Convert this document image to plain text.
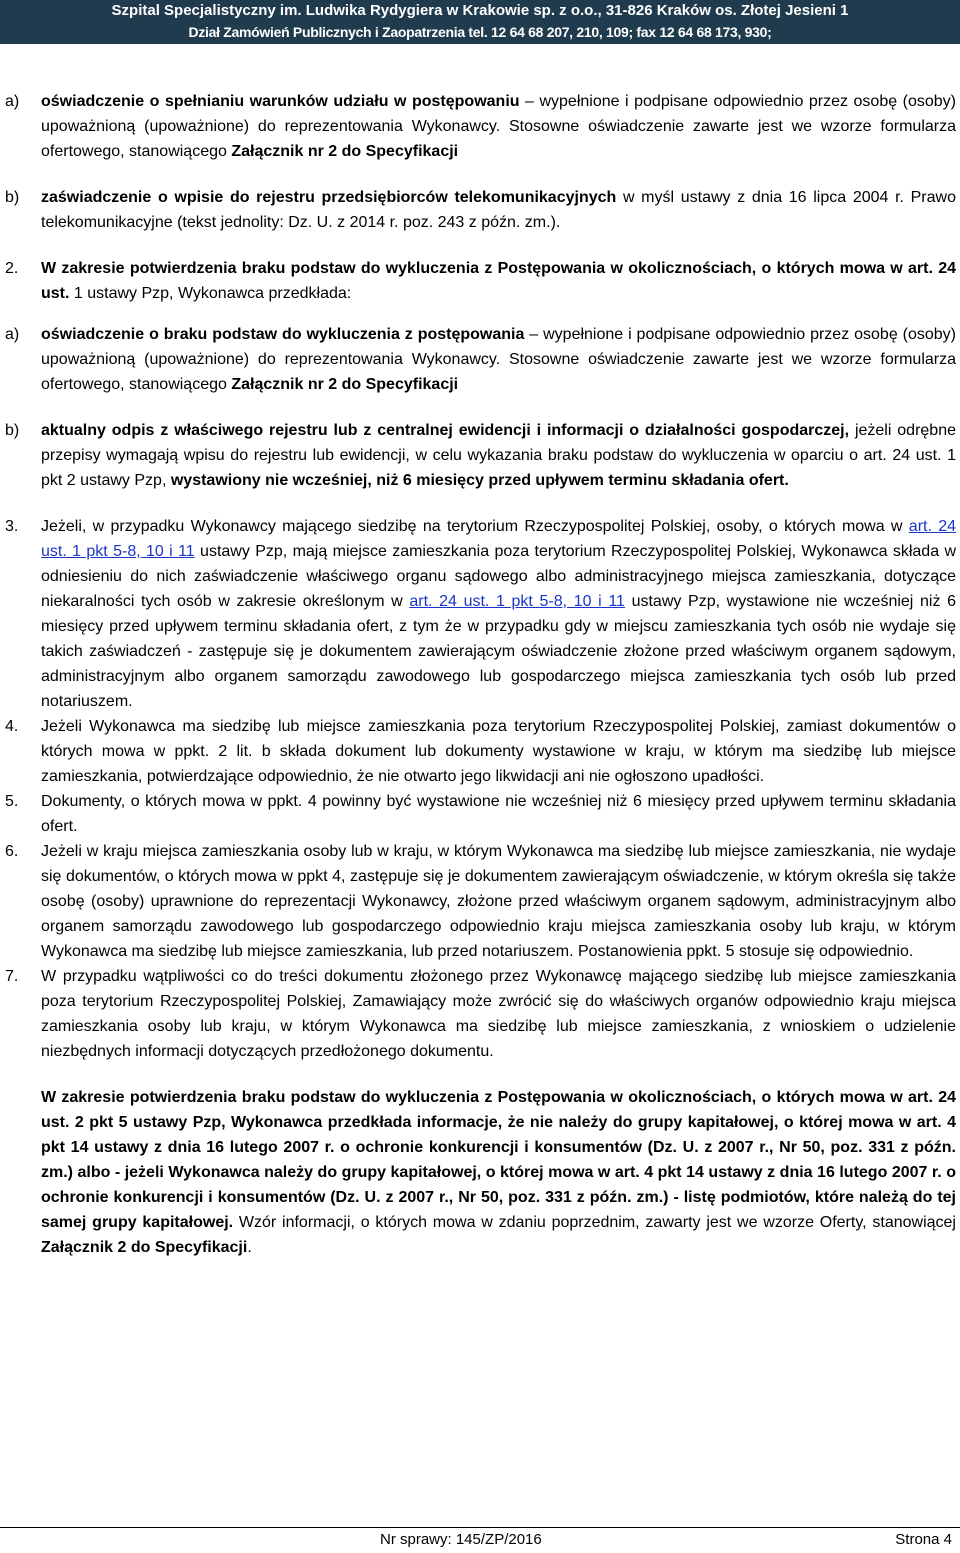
Szpital Specjalistyczny im. Ludwika Rydygiera w Krakowie sp. z o.o., 31-826 Kraków os. Złotej Jesieni 1
Dział Zamówień Publicznych i Zaopatrzenia tel. 12 64 68 207, 210, 109; fax 12 64 68 173, 930;
a) oświadczenie o spełnianiu warunków udziału w postępowaniu – wypełnione i podpisane odpowiednio przez osobę (osoby) upoważnioną (upoważnione) do reprezentowania Wykonawcy. Stosowne oświadczenie zawarte jest we wzorze formularza ofertowego, stanowiącego Załącznik nr 2 do Specyfikacji
b) zaświadczenie o wpisie do rejestru przedsiębiorców telekomunikacyjnych w myśl ustawy z dnia 16 lipca 2004 r. Prawo telekomunikacyjne (tekst jednolity: Dz. U. z 2014 r. poz. 243 z późn. zm.).
2. W zakresie potwierdzenia braku podstaw do wykluczenia z Postępowania w okolicznościach, o których mowa w art. 24 ust. 1 ustawy Pzp, Wykonawca przedkłada:
a) oświadczenie o braku podstaw do wykluczenia z postępowania – wypełnione i podpisane odpowiednio przez osobę (osoby) upoważnioną (upoważnione) do reprezentowania Wykonawcy. Stosowne oświadczenie zawarte jest we wzorze formularza ofertowego, stanowiącego Załącznik nr 2 do Specyfikacji
b) aktualny odpis z właściwego rejestru lub z centralnej ewidencji i informacji o działalności gospodarczej, jeżeli odrębne przepisy wymagają wpisu do rejestru lub ewidencji, w celu wykazania braku podstaw do wykluczenia w oparciu o art. 24 ust. 1 pkt 2 ustawy Pzp, wystawiony nie wcześniej, niż 6 miesięcy przed upływem terminu składania ofert.
3. Jeżeli, w przypadku Wykonawcy mającego siedzibę na terytorium Rzeczypospolitej Polskiej, osoby, o których mowa w art. 24 ust. 1 pkt 5-8, 10 i 11 ustawy Pzp, mają miejsce zamieszkania poza terytorium Rzeczypospolitej Polskiej, Wykonawca składa w odniesieniu do nich zaświadczenie właściwego organu sądowego albo administracyjnego miejsca zamieszkania, dotyczące niekaralności tych osób w zakresie określonym w art. 24 ust. 1 pkt 5-8, 10 i 11 ustawy Pzp, wystawione nie wcześniej niż 6 miesięcy przed upływem terminu składania ofert, z tym że w przypadku gdy w miejscu zamieszkania tych osób nie wydaje się takich zaświadczeń - zastępuje się je dokumentem zawierającym oświadczenie złożone przed właściwym organem sądowym, administracyjnym albo organem samorządu zawodowego lub gospodarczego miejsca zamieszkania tych osób lub przed notariuszem.
4. Jeżeli Wykonawca ma siedzibę lub miejsce zamieszkania poza terytorium Rzeczypospolitej Polskiej, zamiast dokumentów o których mowa w ppkt. 2 lit. b składa dokument lub dokumenty wystawione w kraju, w którym ma siedzibę lub miejsce zamieszkania, potwierdzające odpowiednio, że nie otwarto jego likwidacji ani nie ogłoszono upadłości.
5. Dokumenty, o których mowa w ppkt. 4 powinny być wystawione nie wcześniej niż 6 miesięcy przed upływem terminu składania ofert.
6. Jeżeli w kraju miejsca zamieszkania osoby lub w kraju, w którym Wykonawca ma siedzibę lub miejsce zamieszkania, nie wydaje się dokumentów, o których mowa w ppkt 4, zastępuje się je dokumentem zawierającym oświadczenie, w którym określa się także osobę (osoby) uprawnione do reprezentacji Wykonawcy, złożone przed właściwym organem sądowym, administracyjnym albo organem samorządu zawodowego lub gospodarczego odpowiednio kraju miejsca zamieszkania osoby lub kraju, w którym Wykonawca ma siedzibę lub miejsce zamieszkania, lub przed notariuszem. Postanowienia ppkt. 5 stosuje się odpowiednio.
7. W przypadku wątpliwości co do treści dokumentu złożonego przez Wykonawcę mającego siedzibę lub miejsce zamieszkania poza terytorium Rzeczypospolitej Polskiej, Zamawiający może zwrócić się do właściwych organów odpowiednio kraju miejsca zamieszkania osoby lub kraju, w którym Wykonawca ma siedzibę lub miejsce zamieszkania, z wnioskiem o udzielenie niezbędnych informacji dotyczących przedłożonego dokumentu.
W zakresie potwierdzenia braku podstaw do wykluczenia z Postępowania w okolicznościach, o których mowa w art. 24 ust. 2 pkt 5 ustawy Pzp, Wykonawca przedkłada informacje, że nie należy do grupy kapitałowej, o której mowa w art. 4 pkt 14 ustawy z dnia 16 lutego 2007 r. o ochronie konkurencji i konsumentów (Dz. U. z 2007 r., Nr 50, poz. 331 z późn. zm.) albo - jeżeli Wykonawca należy do grupy kapitałowej, o której mowa w art. 4 pkt 14 ustawy z dnia 16 lutego 2007 r. o ochronie konkurencji i konsumentów (Dz. U. z 2007 r., Nr 50, poz. 331 z późn. zm.) - listę podmiotów, które należą do tej samej grupy kapitałowej. Wzór informacji, o których mowa w zdaniu poprzednim, zawarty jest we wzorze Oferty, stanowiącej Załącznik 2 do Specyfikacji.
Nr sprawy: 145/ZP/2016	Strona 4
